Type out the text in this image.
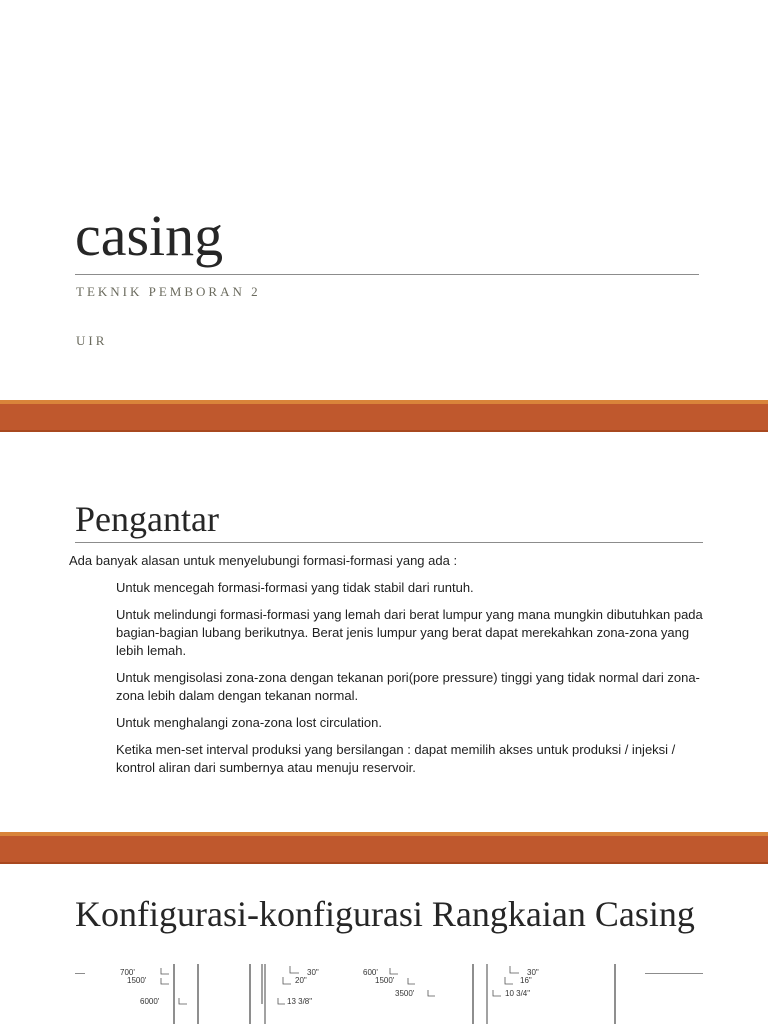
casing

TEKNIK PEMBORAN 2

UIR

Pengantar

Ada banyak alasan untuk menyelubungi formasi-formasi yang ada :

Untuk mencegah formasi-formasi yang tidak stabil dari runtuh.
Untuk melindungi formasi-formasi yang lemah dari berat lumpur yang mana mungkin dibutuhkan pada bagian-bagian lubang berikutnya. Berat jenis lumpur yang berat dapat merekahkan zona-zona yang lebih lemah.
Untuk mengisolasi zona-zona dengan tekanan pori(pore pressure) tinggi yang tidak normal dari zona-zona lebih dalam dengan tekanan normal.
Untuk menghalangi zona-zona lost circulation.
Ketika men-set interval produksi yang bersilangan : dapat memilih akses untuk produksi / injeksi / kontrol aliran dari sumbernya atau menuju reservoir.
Konfigurasi-konfigurasi Rangkaian Casing
700'
1500'
6000'
30"
20"
13 3/8"
600'
1500'
3500'
30"
16"
10 3/4"
